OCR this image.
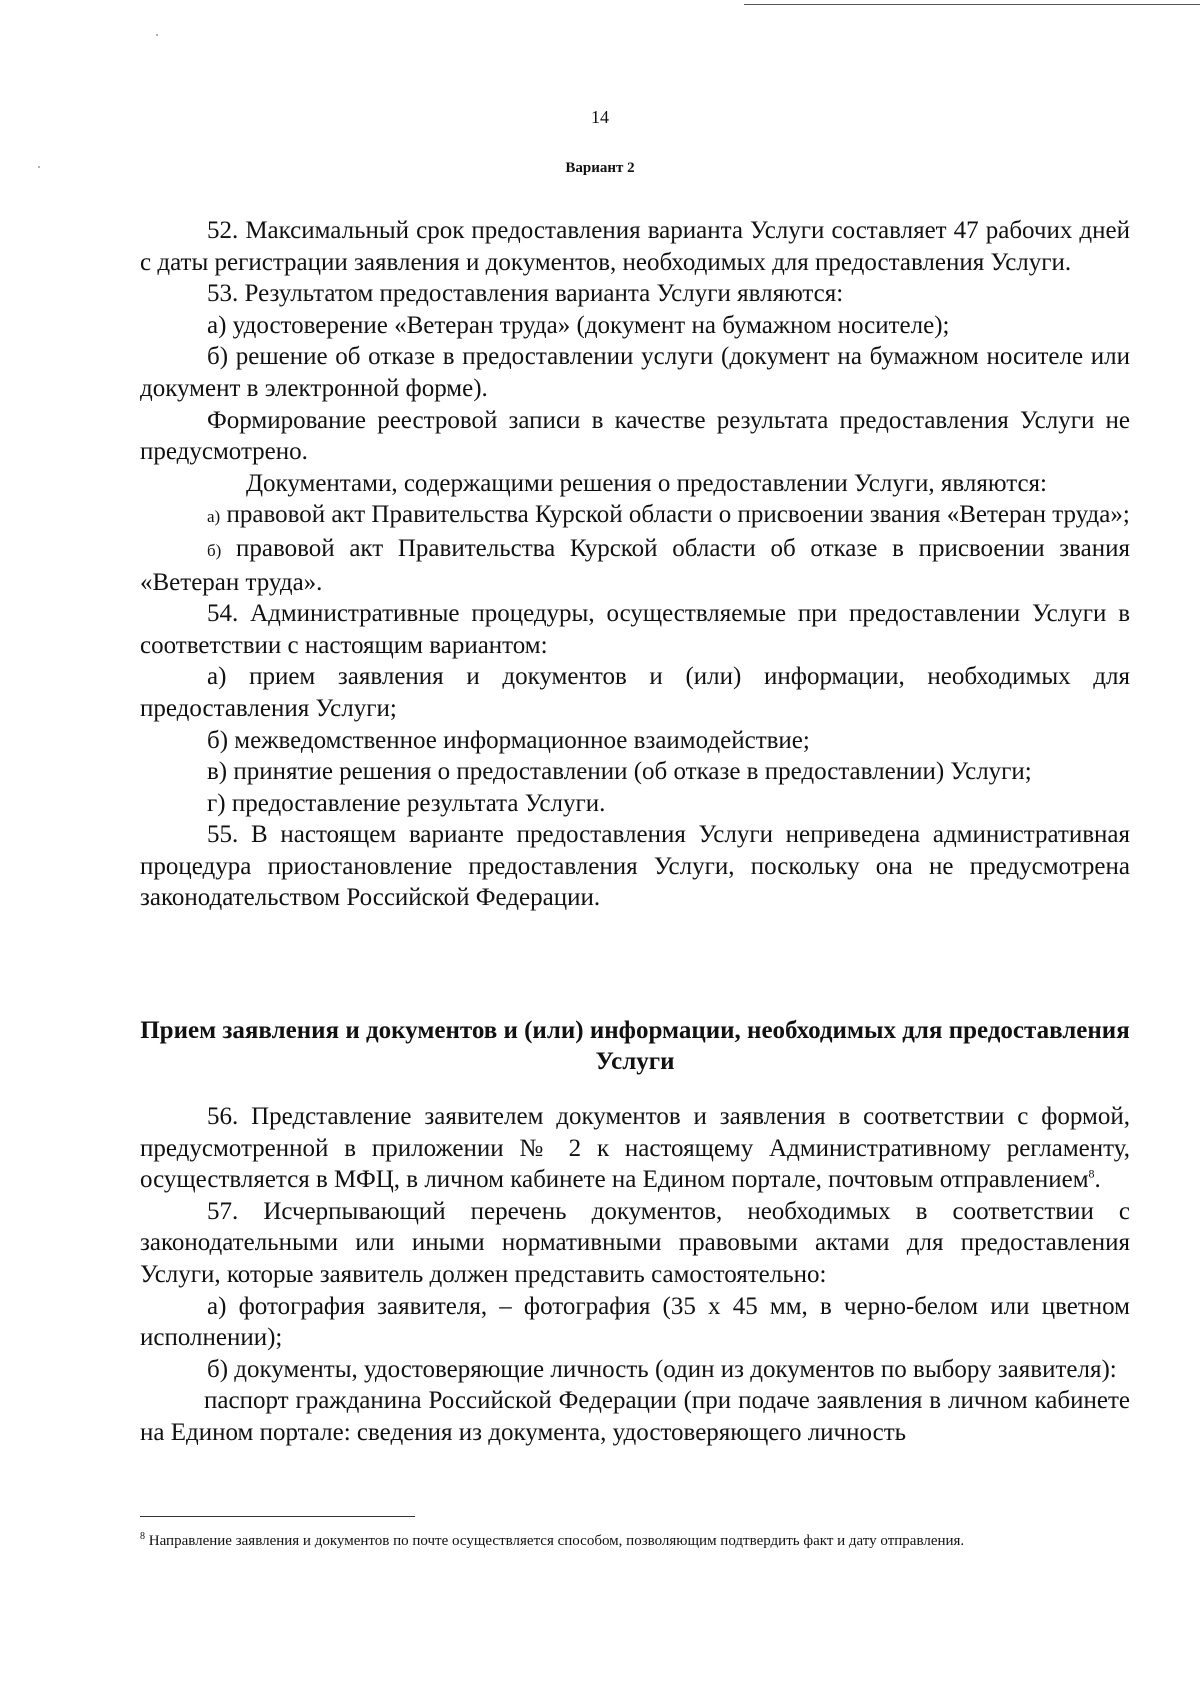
14
Вариант 2

52. Максимальный срок предоставления варианта Услуги составляет 47 рабочих дней с даты регистрации заявления и документов, необходимых для предоставления Услуги.

53. Результатом предоставления варианта Услуги являются:

а) удостоверение «Ветеран труда» (документ на бумажном носителе);

б) решение об отказе в предоставлении услуги (документ на бумажном носителе или документ в электронной форме).

Формирование реестровой записи в качестве результата предоставления Услуги не предусмотрено.

Документами, содержащими решения о предоставлении Услуги, являются:

а) правовой акт Правительства Курской области о присвоении звания «Ветеран труда»;

б) правовой акт Правительства Курской области об отказе в присвоении звания «Ветеран труда».

54. Административные процедуры, осуществляемые при предоставлении Услуги в соответствии с настоящим вариантом:

а) прием заявления и документов и (или) информации, необходимых для предоставления Услуги;

б) межведомственное информационное взаимодействие;

в) принятие решения о предоставлении (об отказе в предоставлении) Услуги;

г) предоставление результата Услуги.

55. В настоящем варианте предоставления Услуги неприведена административная процедура приостановление предоставления Услуги, поскольку она не предусмотрена законодательством Российской Федерации.

Прием заявления и документов и (или) информации, необходимых для предоставления Услуги

56. Представление заявителем документов и заявления в соответствии с формой, предусмотренной в приложении № 2 к настоящему Административному регламенту, осуществляется в МФЦ, в личном кабинете на Едином портале, почтовым отправлением$^8$.

57. Исчерпывающий перечень документов, необходимых в соответствии с законодательными или иными нормативными правовыми актами для предоставления Услуги, которые заявитель должен представить самостоятельно:

а) фотография заявителя, – фотография (35 х 45 мм, в черно-белом или цветном исполнении);

б) документы, удостоверяющие личность (один из документов по выбору заявителя):

паспорт гражданина Российской Федерации (при подаче заявления в личном кабинете на Едином портале: сведения из документа, удостоверяющего личность

$^8$ Направление заявления и документов по почте осуществляется способом, позволяющим подтвердить факт и дату отправления.
